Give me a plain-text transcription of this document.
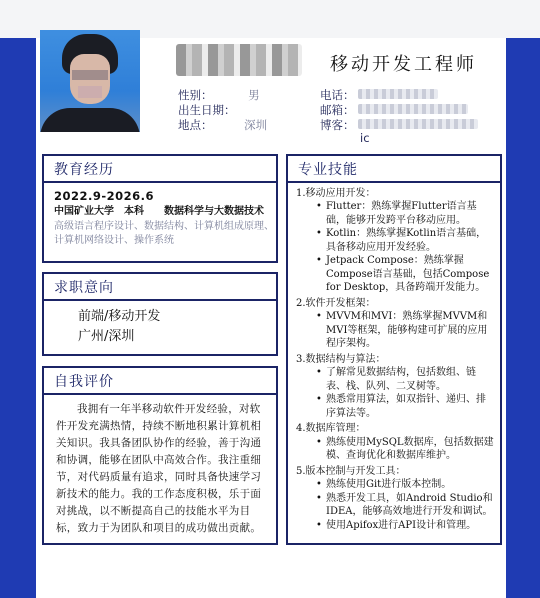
移动开发工程师
性别：	男
出生日期：
地点：	深圳
电话：
邮箱：
博客：
ic
教育经历
2022.9-2026.6
中国矿业大学　本科　　数据科学与大数据技术
高级语言程序设计、数据结构、计算机组成原理、计算机网络设计、操作系统
求职意向
前端/移动开发
广州/深圳
自我评价
我拥有一年半移动软件开发经验，对软件开发充满热情，持续不断地积累计算机相关知识。我具备团队协作的经验，善于沟通和协调，能够在团队中高效合作。我注重细节，对代码质量有追求，同时具备快速学习新技术的能力。我的工作态度积极，乐于面对挑战，以不断提高自己的技能水平为目标，致力于为团队和项目的成功做出贡献。
专业技能
1.移动应用开发：
• Flutter：熟练掌握Flutter语言基础，能够开发跨平台移动应用。
• Kotlin：熟练掌握Kotlin语言基础，具备移动应用开发经验。
• Jetpack Compose：熟练掌握Compose语言基础，包括Compose for Desktop，具备跨端开发能力。
2.软件开发框架：
• MVVM和MVI：熟练掌握MVVM和MVI等框架，能够构建可扩展的应用程序架构。
3.数据结构与算法：
• 了解常见数据结构，包括数组、链表、栈、队列、二叉树等。
• 熟悉常用算法，如双指针、递归、排序算法等。
4.数据库管理：
• 熟练使用MySQL数据库，包括数据建模、查询优化和数据库维护。
5.版本控制与开发工具：
• 熟练使用Git进行版本控制。
• 熟悉开发工具，如Android Studio和IDEA，能够高效地进行开发和调试。
• 使用Apifox进行API设计和管理。
